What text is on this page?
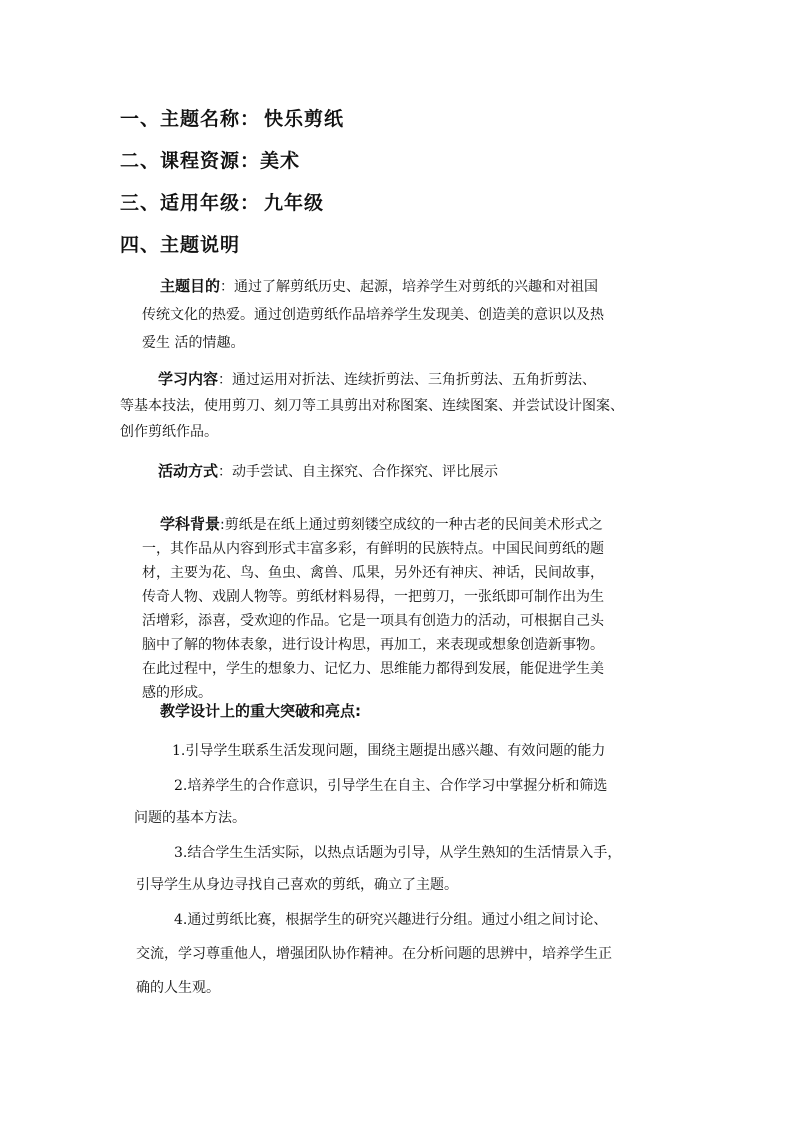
一、主题名称： 快乐剪纸
二、课程资源：美术
三、适用年级： 九年级
四、主题说明
主题目的：通过了解剪纸历史、起源，培养学生对剪纸的兴趣和对祖国
传统文化的热爱。通过创造剪纸作品培养学生发现美、创造美的意识以及热
爱生 活的情趣。
学习内容：通过运用对折法、连续折剪法、三角折剪法、五角折剪法、
等基本技法，使用剪刀、刻刀等工具剪出对称图案、连续图案、并尝试设计图案、
创作剪纸作品。
活动方式：动手尝试、自主探究、合作探究、评比展示
学科背景:剪纸是在纸上通过剪刻镂空成纹的一种古老的民间美术形式之
一，其作品从内容到形式丰富多彩，有鲜明的民族特点。中国民间剪纸的题
材，主要为花、鸟、鱼虫、禽兽、瓜果，另外还有神庆、神话，民间故事，
传奇人物、戏剧人物等。剪纸材料易得，一把剪刀，一张纸即可制作出为生
活增彩，添喜，受欢迎的作品。它是一项具有创造力的活动，可根据自己头
脑中了解的物体表象，进行设计构思，再加工，来表现或想象创造新事物。
在此过程中，学生的想象力、记忆力、思维能力都得到发展，能促进学生美
感的形成。
教学设计上的重大突破和亮点:
1.引导学生联系生活发现问题，围绕主题提出感兴趣、有效问题的能力
2.培养学生的合作意识，引导学生在自主、合作学习中掌握分析和筛选
问题的基本方法。
3.结合学生生活实际，以热点话题为引导，从学生熟知的生活情景入手，
引导学生从身边寻找自己喜欢的剪纸，确立了主题。
4.通过剪纸比赛，根据学生的研究兴趣进行分组。通过小组之间讨论、
交流，学习尊重他人，增强团队协作精神。在分析问题的思辨中，培养学生正
确的人生观。
